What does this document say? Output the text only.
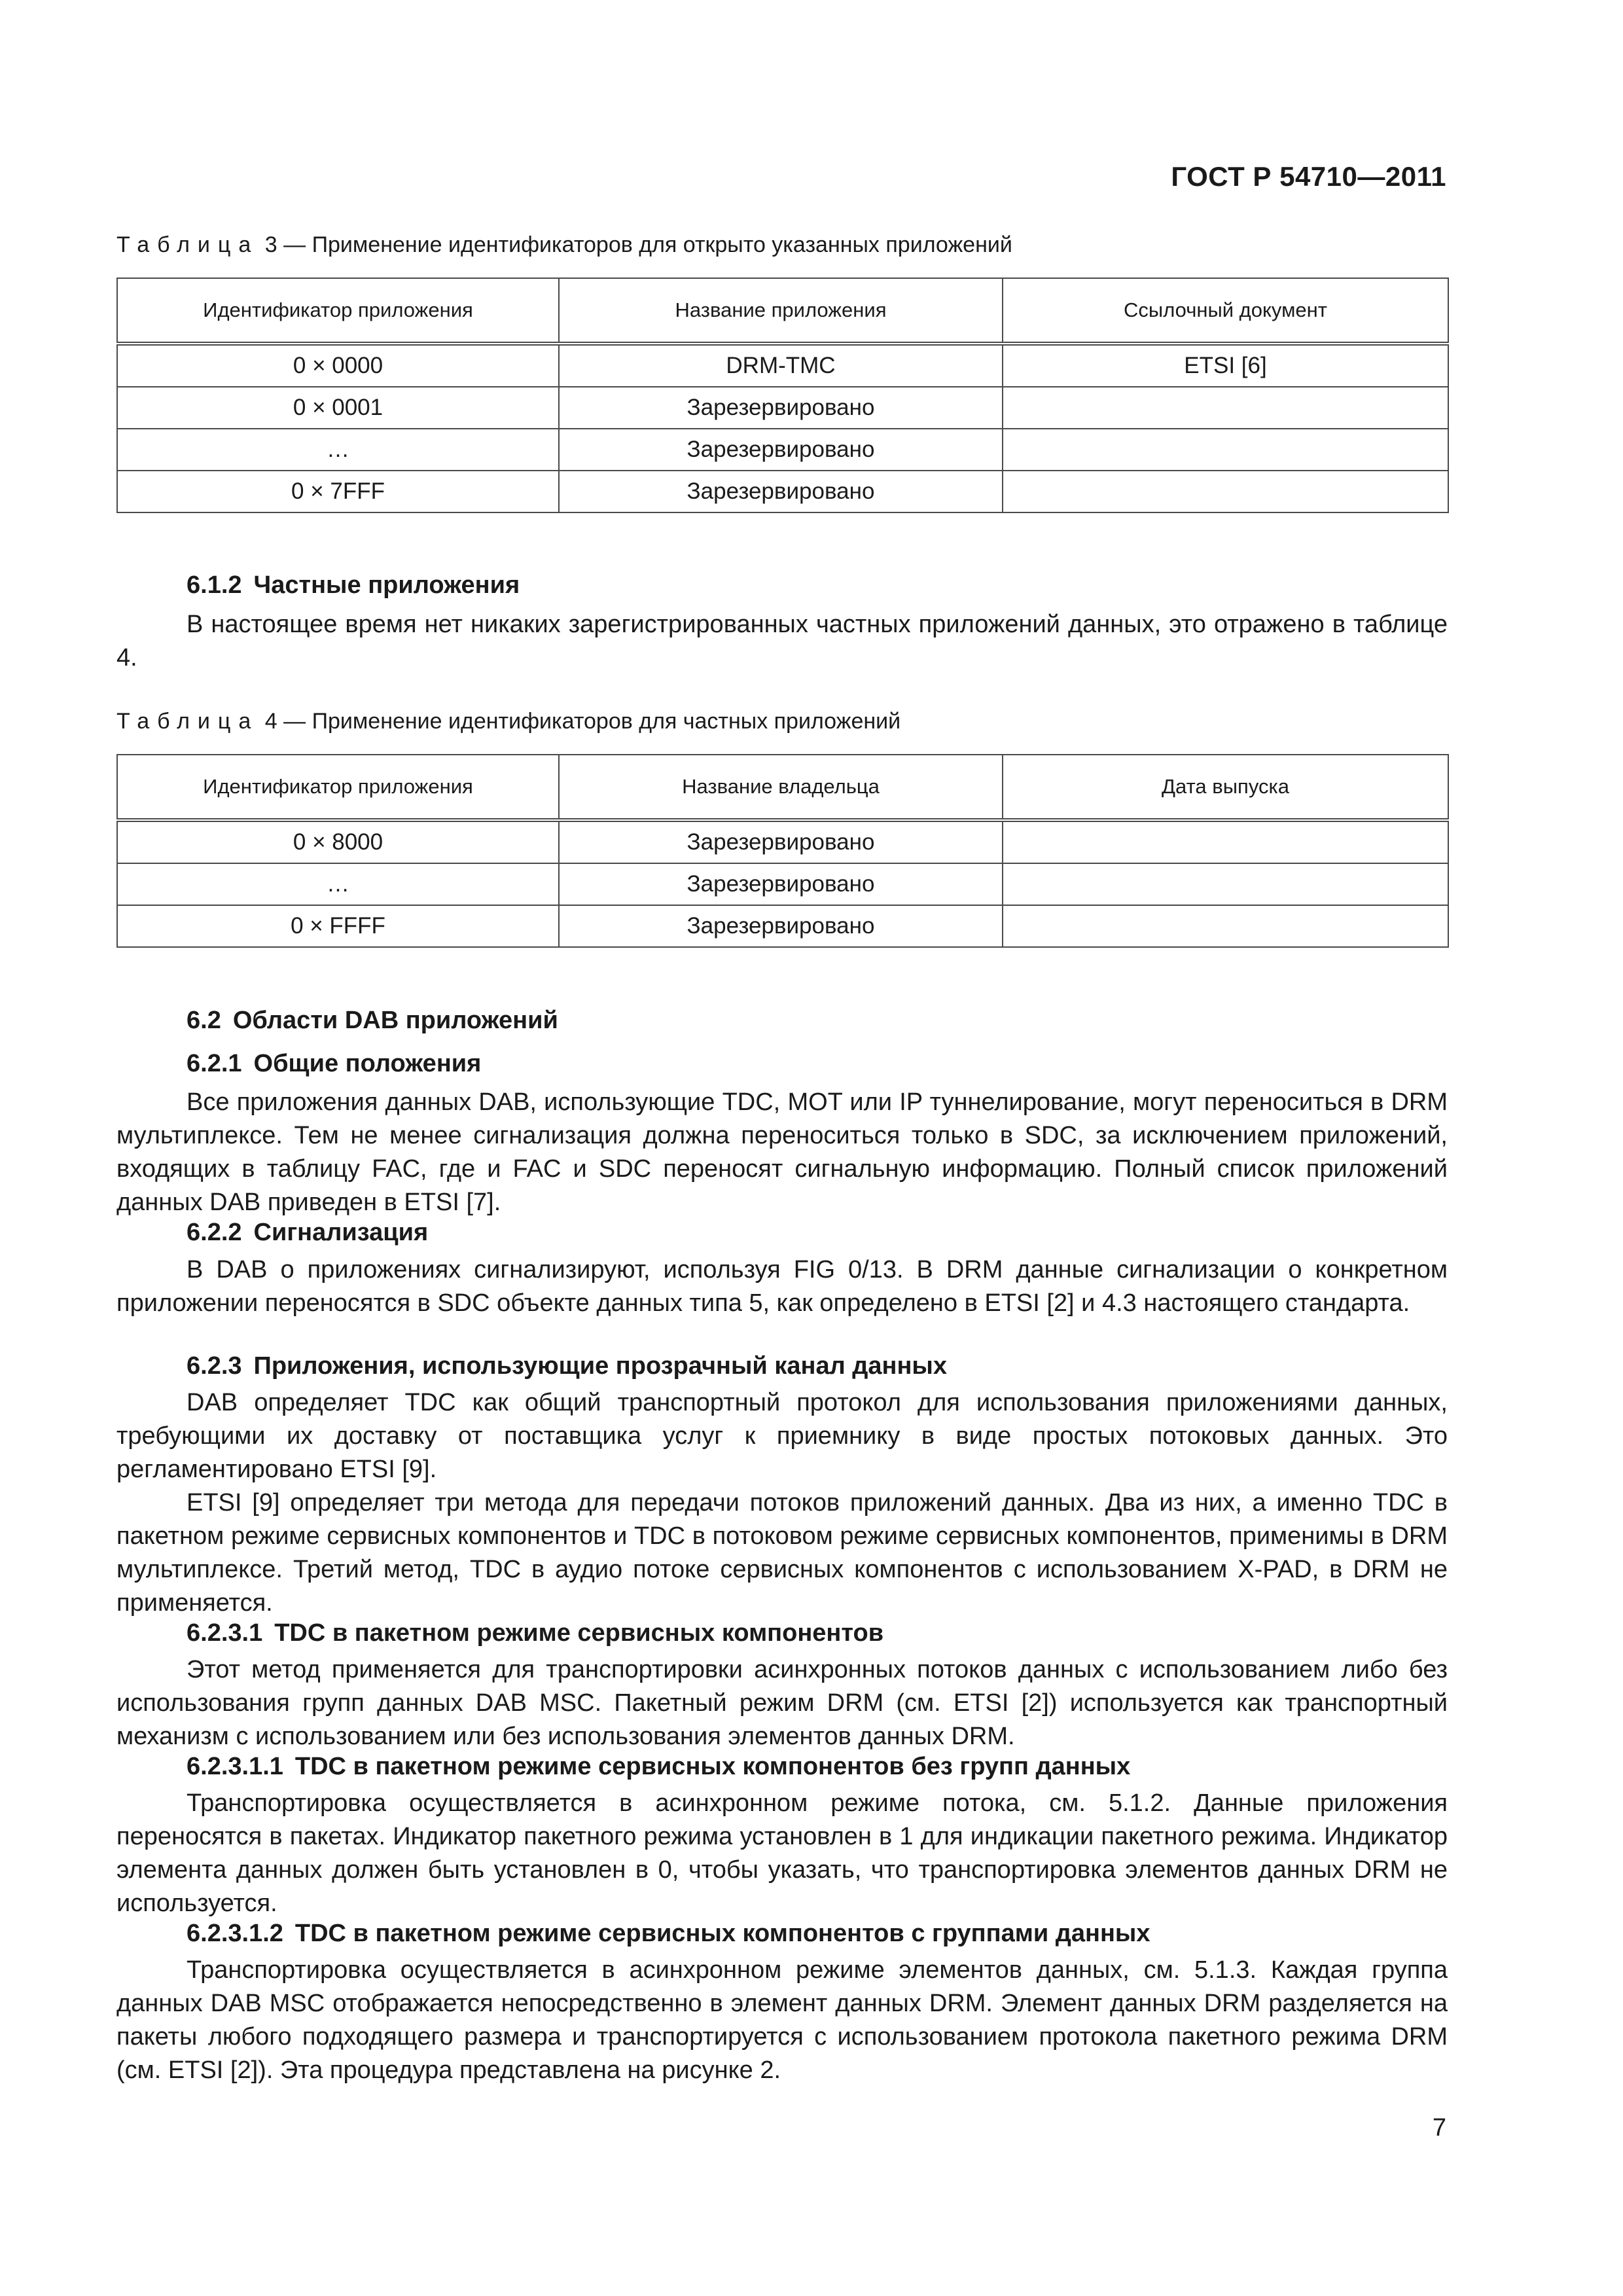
ГОСТ Р 54710—2011
Таблица 3 — Применение идентификаторов для открыто указанных приложений
Идентификатор приложения	Название приложения	Ссылочный документ
0 × 0000	DRM-TMC	ETSI [6]
0 × 0001	Зарезервировано	
…	Зарезервировано	
0 × 7FFF	Зарезервировано	
6.1.2 Частные приложения
В настоящее время нет никаких зарегистрированных частных приложений данных, это отражено в таблице 4.
Таблица 4 — Применение идентификаторов для частных приложений
Идентификатор приложения	Название владельца	Дата выпуска
0 × 8000	Зарезервировано	
…	Зарезервировано	
0 × FFFF	Зарезервировано	
6.2 Области DAB приложений
6.2.1 Общие положения
Все приложения данных DAB, использующие TDC, MOT или IP туннелирование, могут переноситься в DRM мультиплексе. Тем не менее сигнализация должна переноситься только в SDC, за исключением приложений, входящих в таблицу FAC, где и FAC и SDC переносят сигнальную информацию. Полный список приложений данных DAB приведен в ETSI [7].
6.2.2 Сигнализация
В DAB о приложениях сигнализируют, используя FIG 0/13. В DRM данные сигнализации о конкретном приложении переносятся в SDC объекте данных типа 5, как определено в ETSI [2] и 4.3 настоящего стандарта.
6.2.3 Приложения, использующие прозрачный канал данных
DAB определяет TDC как общий транспортный протокол для использования приложениями данных, требующими их доставку от поставщика услуг к приемнику в виде простых потоковых данных. Это регламентировано ETSI [9].
ETSI [9] определяет три метода для передачи потоков приложений данных. Два из них, а именно TDC в пакетном режиме сервисных компонентов и TDC в потоковом режиме сервисных компонентов, применимы в DRM мультиплексе. Третий метод, TDC в аудио потоке сервисных компонентов с использованием X-PAD, в DRM не применяется.
6.2.3.1 TDC в пакетном режиме сервисных компонентов
Этот метод применяется для транспортировки асинхронных потоков данных с использованием либо без использования групп данных DAB MSC. Пакетный режим DRM (см. ETSI [2]) используется как транспортный механизм с использованием или без использования элементов данных DRM.
6.2.3.1.1 TDC в пакетном режиме сервисных компонентов без групп данных
Транспортировка осуществляется в асинхронном режиме потока, см. 5.1.2. Данные приложения переносятся в пакетах. Индикатор пакетного режима установлен в 1 для индикации пакетного режима. Индикатор элемента данных должен быть установлен в 0, чтобы указать, что транспортировка элементов данных DRM не используется.
6.2.3.1.2 TDC в пакетном режиме сервисных компонентов с группами данных
Транспортировка осуществляется в асинхронном режиме элементов данных, см. 5.1.3. Каждая группа данных DAB MSC отображается непосредственно в элемент данных DRM. Элемент данных DRM разделяется на пакеты любого подходящего размера и транспортируется с использованием протокола пакетного режима DRM (см. ETSI [2]). Эта процедура представлена на рисунке 2.
7
